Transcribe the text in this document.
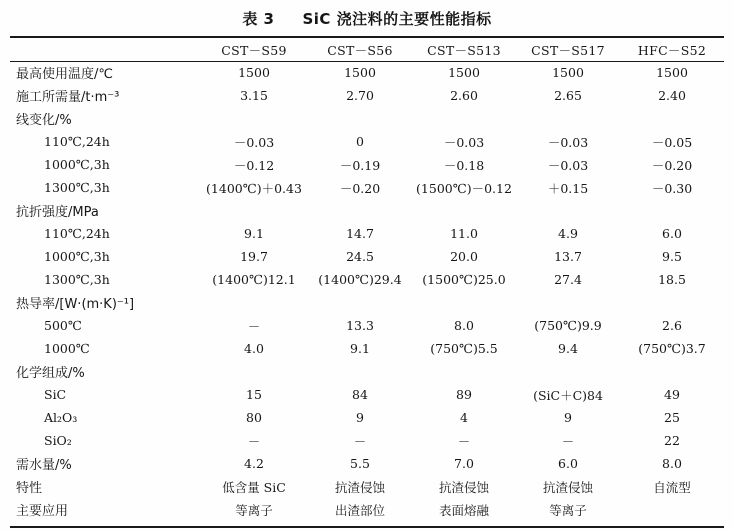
表 3 SiC 浇注料的主要性能指标
	CST－S59	CST－S56	CST－S513	CST－S517	HFC－S52
最高使用温度/℃	1500	1500	1500	1500	1500
施工所需量/t·m⁻³	3.15	2.70	2.60	2.65	2.40
线变化/%					
110℃,24h	－0.03	0	－0.03	－0.03	－0.05
1000℃,3h	－0.12	－0.19	－0.18	－0.03	－0.20
1300℃,3h	(1400℃)＋0.43	－0.20	(1500℃)－0.12	＋0.15	－0.30
抗折强度/MPa					
110℃,24h	9.1	14.7	11.0	4.9	6.0
1000℃,3h	19.7	24.5	20.0	13.7	9.5
1300℃,3h	(1400℃)12.1	(1400℃)29.4	(1500℃)25.0	27.4	18.5
热导率/[W·(m·K)⁻¹]					
500℃	－	13.3	8.0	(750℃)9.9	2.6
1000℃	4.0	9.1	(750℃)5.5	9.4	(750℃)3.7
化学组成/%					
SiC	15	84	89	(SiC＋C)84	49
Al₂O₃	80	9	4	9	25
SiO₂	－	－	－	－	22
需水量/%	4.2	5.5	7.0	6.0	8.0
特性	低含量 SiC	抗渣侵蚀	抗渣侵蚀	抗渣侵蚀	自流型
主要应用	等离子	出渣部位	表面熔融	等离子	
